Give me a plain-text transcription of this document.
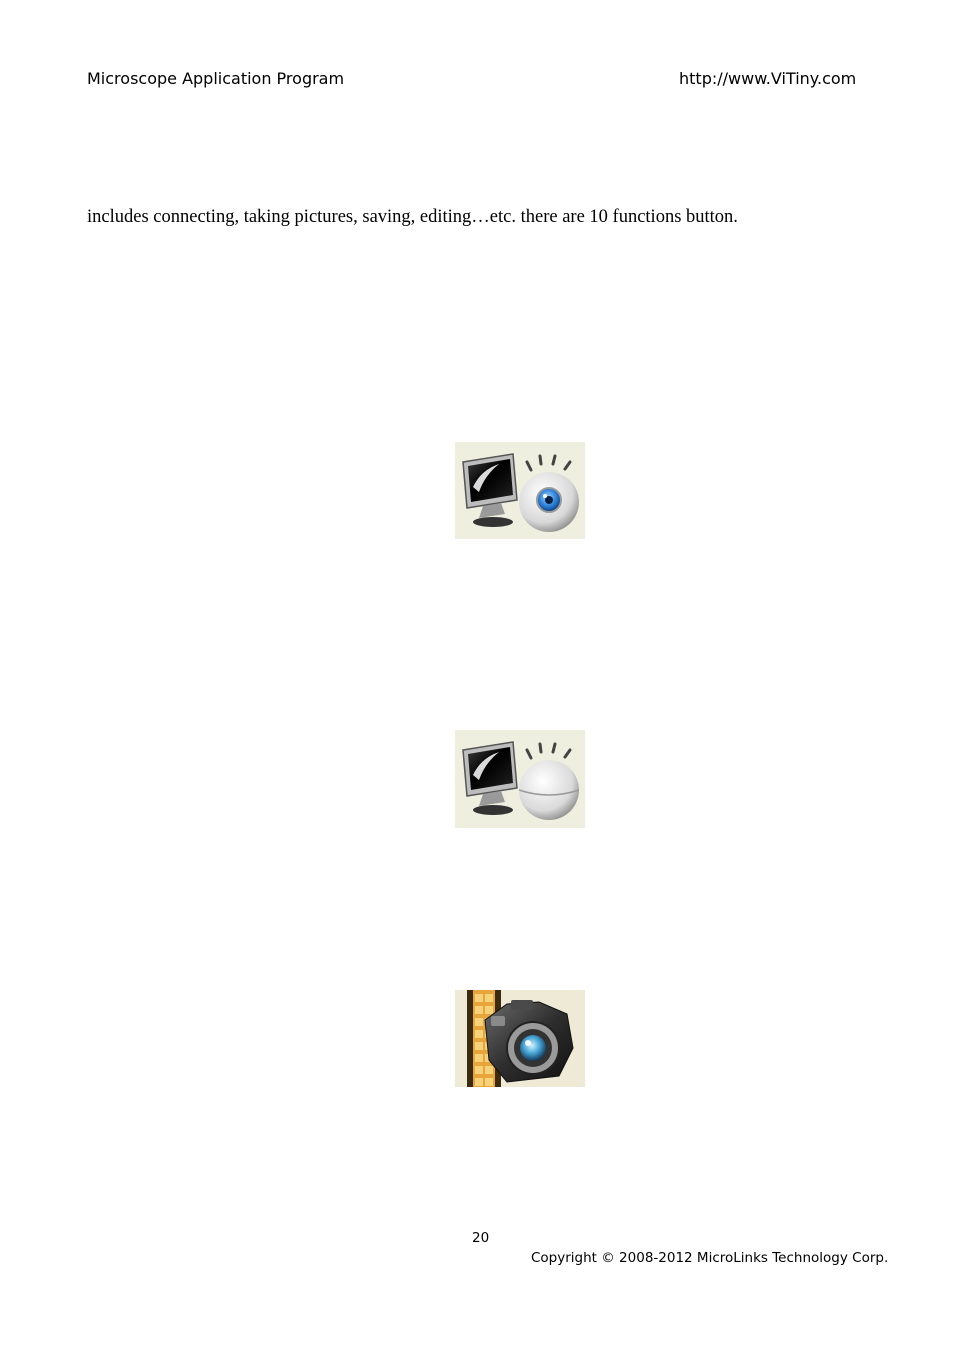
Microscope Application Program	http://www.ViTiny.com
includes connecting, taking pictures, saving, editing…etc. there are 10 functions button.
20
Copyright © 2008-2012 MicroLinks Technology Corp.
